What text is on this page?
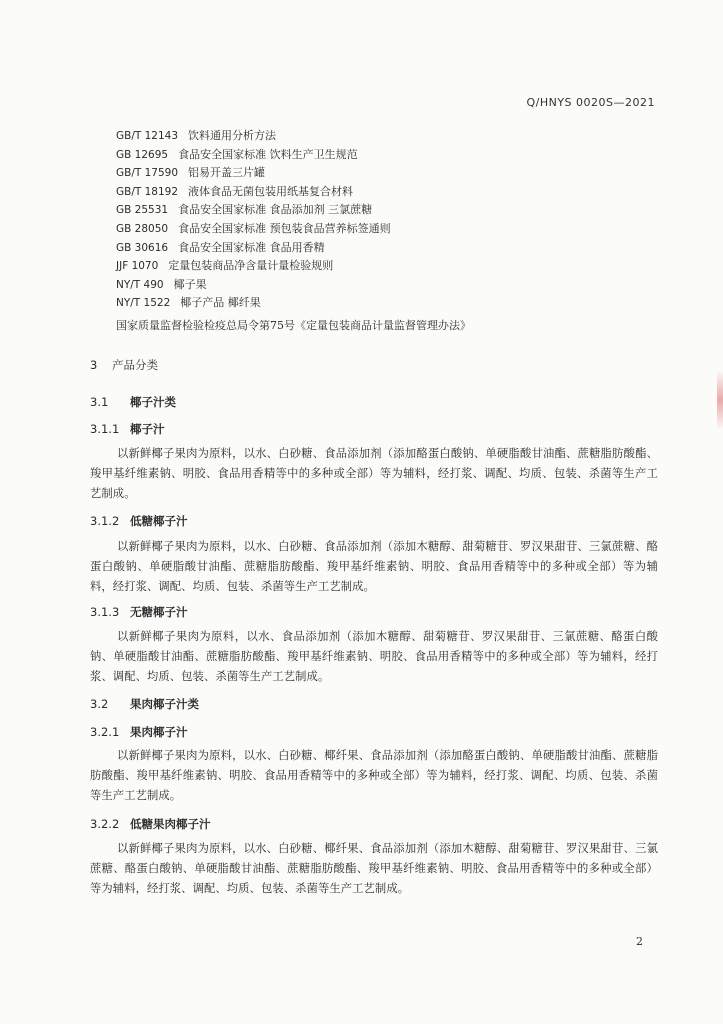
Q/HNYS 0020S—2021
GB/T 12143 饮料通用分析方法
GB 12695 食品安全国家标准 饮料生产卫生规范
GB/T 17590 铝易开盖三片罐
GB/T 18192 液体食品无菌包装用纸基复合材料
GB 25531 食品安全国家标准 食品添加剂 三氯蔗糖
GB 28050 食品安全国家标准 预包装食品营养标签通则
GB 30616 食品安全国家标准 食品用香精
JJF 1070 定量包装商品净含量计量检验规则
NY/T 490 椰子果
NY/T 1522 椰子产品 椰纤果
国家质量监督检验检疫总局令第75号《定量包装商品计量监督管理办法》
3 产品分类
3.1 椰子汁类
3.1.1 椰子汁
以新鲜椰子果肉为原料，以水、白砂糖、食品添加剂（添加酪蛋白酸钠、单硬脂酸甘油酯、蔗糖脂肪酸酯、羧甲基纤维素钠、明胶、食品用香精等中的多种或全部）等为辅料，经打浆、调配、均质、包装、杀菌等生产工艺制成。
3.1.2 低糖椰子汁
以新鲜椰子果肉为原料，以水、白砂糖、食品添加剂（添加木糖醇、甜菊糖苷、罗汉果甜苷、三氯蔗糖、酪蛋白酸钠、单硬脂酸甘油酯、蔗糖脂肪酸酯、羧甲基纤维素钠、明胶、食品用香精等中的多种或全部）等为辅料，经打浆、调配、均质、包装、杀菌等生产工艺制成。
3.1.3 无糖椰子汁
以新鲜椰子果肉为原料，以水、食品添加剂（添加木糖醇、甜菊糖苷、罗汉果甜苷、三氯蔗糖、酪蛋白酸钠、单硬脂酸甘油酯、蔗糖脂肪酸酯、羧甲基纤维素钠、明胶、食品用香精等中的多种或全部）等为辅料，经打浆、调配、均质、包装、杀菌等生产工艺制成。
3.2 果肉椰子汁类
3.2.1 果肉椰子汁
以新鲜椰子果肉为原料，以水、白砂糖、椰纤果、食品添加剂（添加酪蛋白酸钠、单硬脂酸甘油酯、蔗糖脂肪酸酯、羧甲基纤维素钠、明胶、食品用香精等中的多种或全部）等为辅料，经打浆、调配、均质、包装、杀菌等生产工艺制成。
3.2.2 低糖果肉椰子汁
以新鲜椰子果肉为原料，以水、白砂糖、椰纤果、食品添加剂（添加木糖醇、甜菊糖苷、罗汉果甜苷、三氯蔗糖、酪蛋白酸钠、单硬脂酸甘油酯、蔗糖脂肪酸酯、羧甲基纤维素钠、明胶、食品用香精等中的多种或全部）等为辅料，经打浆、调配、均质、包装、杀菌等生产工艺制成。
2
